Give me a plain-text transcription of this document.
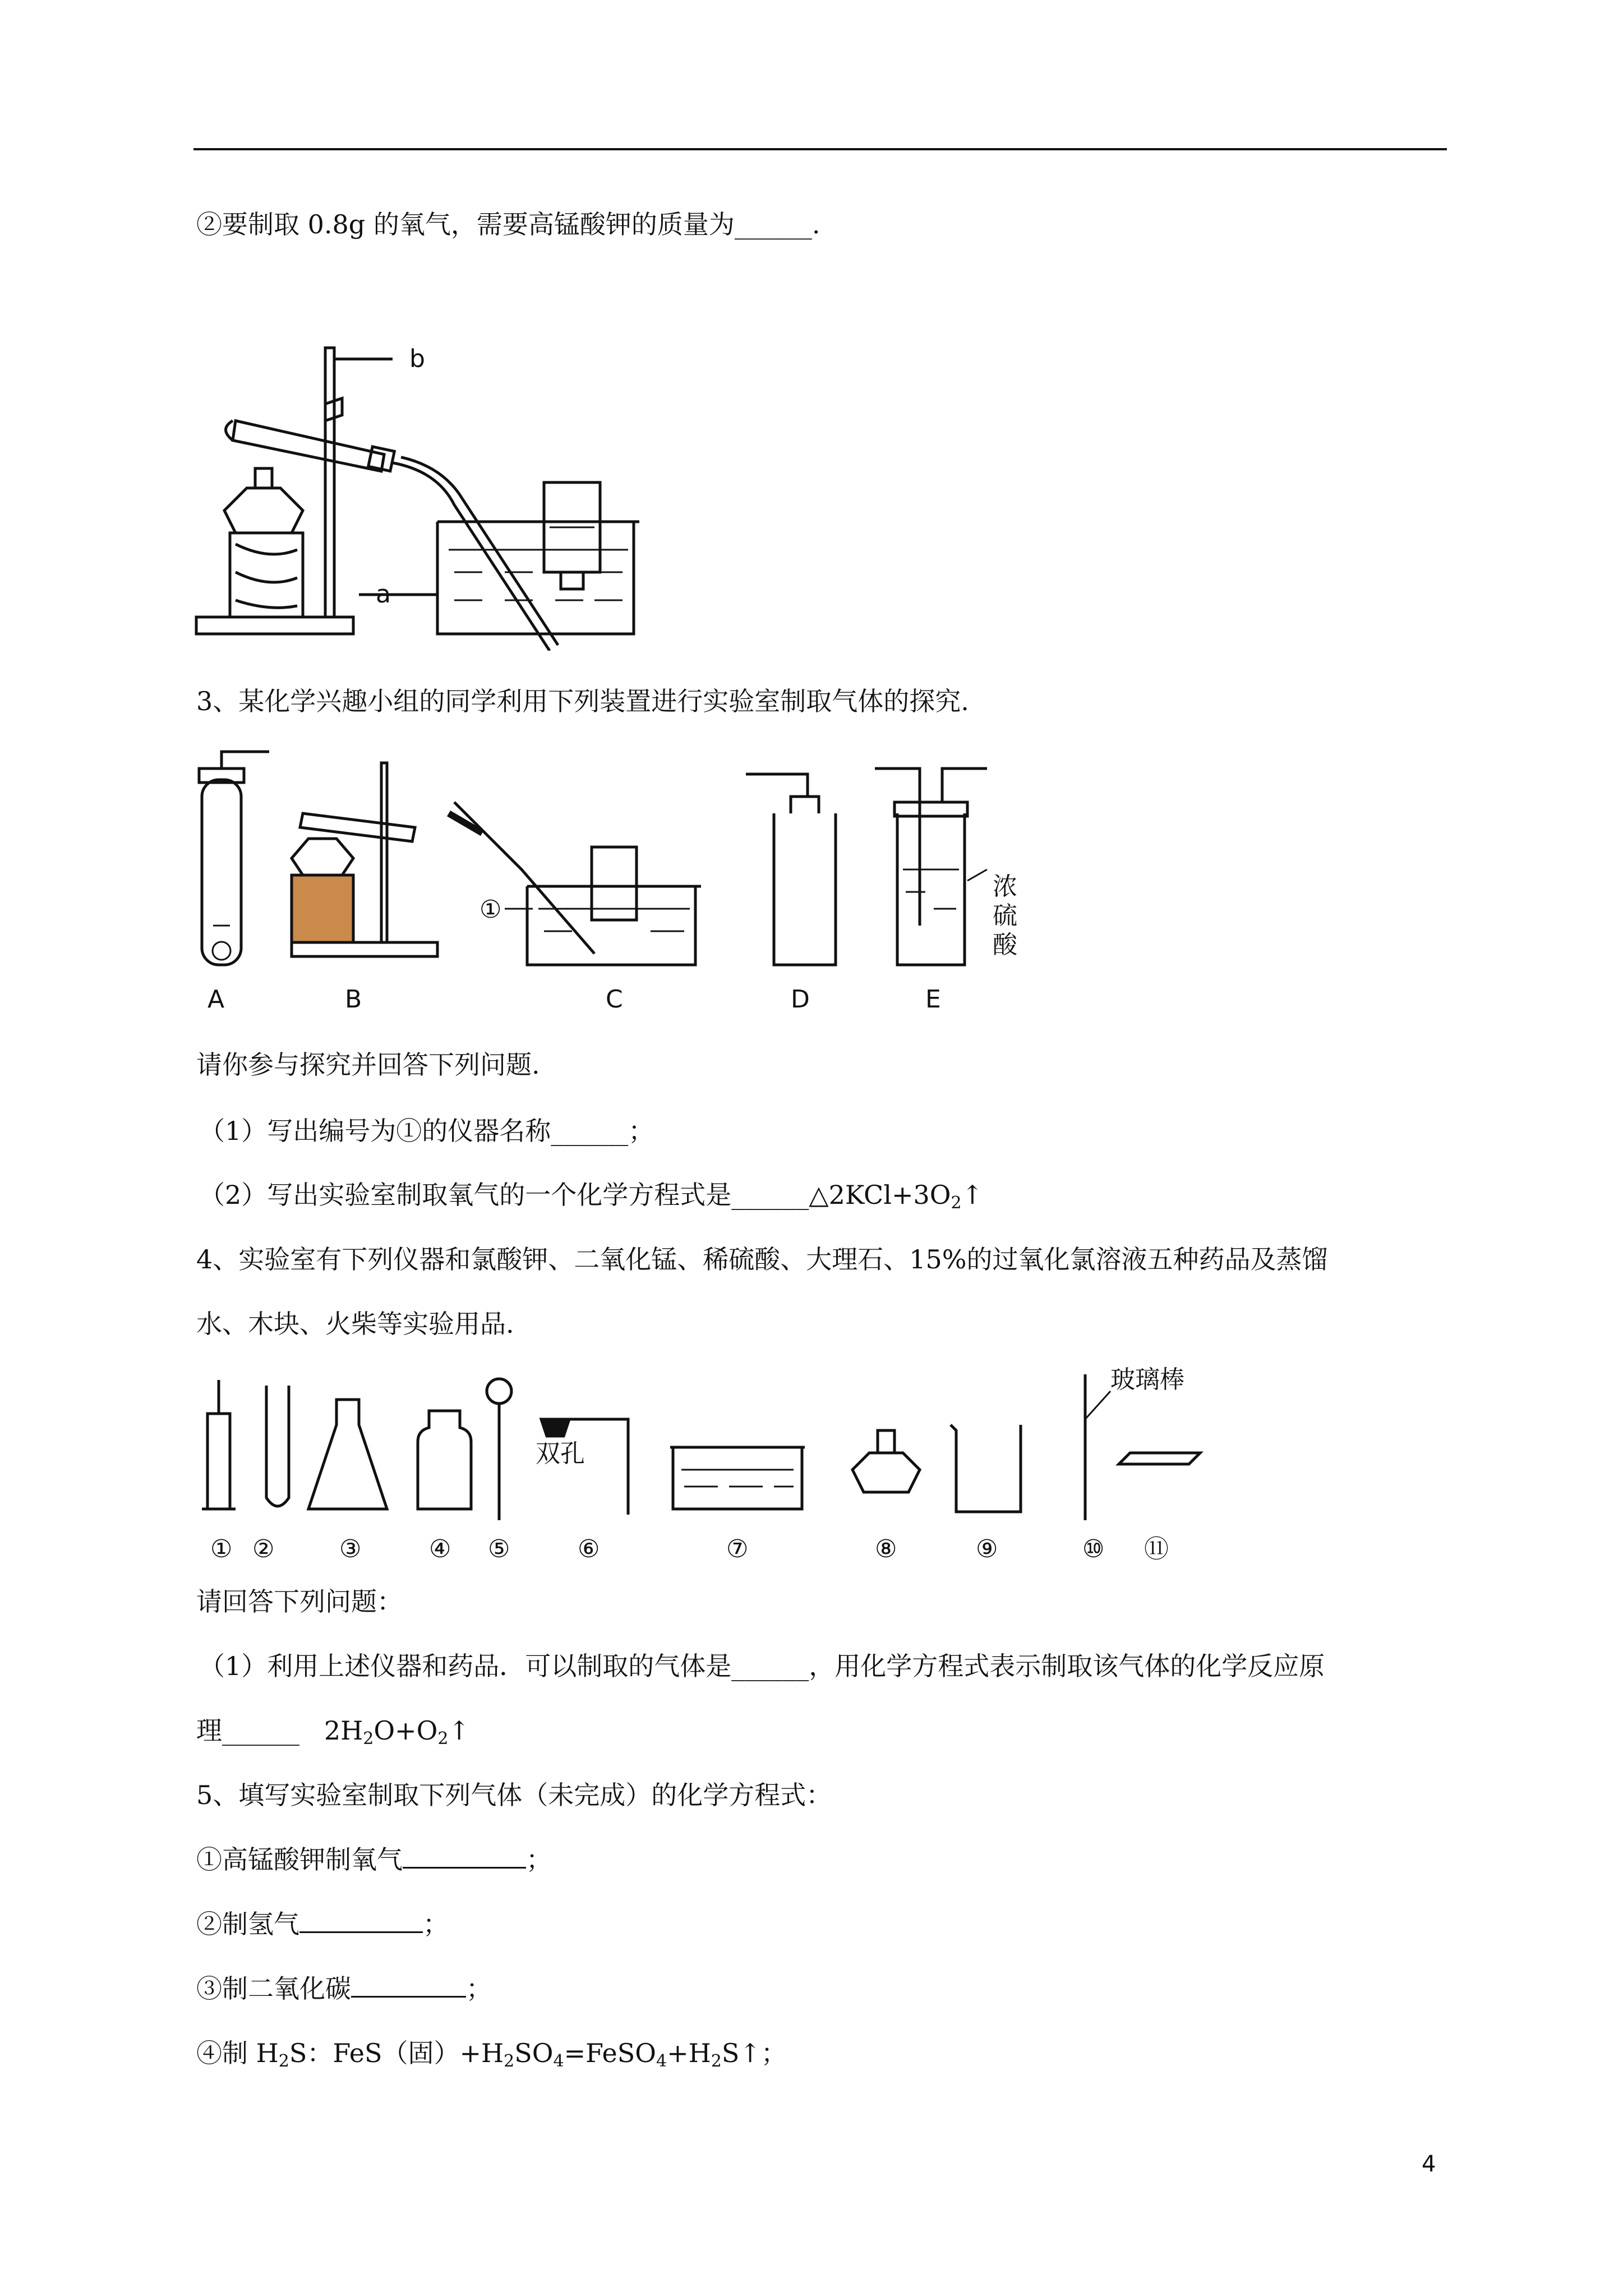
②要制取 0.8g 的氧气，需要高锰酸钾的质量为______.
b
a
3、某化学兴趣小组的同学利用下列装置进行实验室制取气体的探究.
A	B	C	D	E
①
浓
硫
酸
请你参与探究并回答下列问题.
（1）写出编号为①的仪器名称______；
（2）写出实验室制取氧气的一个化学方程式是$\_\_\_\_\_\_\triangle 2KCl+3O_2↑$
4、实验室有下列仪器和氯酸钾、二氧化锰、稀硫酸、大理石、15%的过氧化氯溶液五种药品及蒸馏
水、木块、火柴等实验用品.
① ②	③	④ ⑤	⑥	⑦	⑧	⑨	⑩ ⑪
双孔
玻璃棒
请回答下列问题：
（1）利用上述仪器和药品．可以制取的气体是______，用化学方程式表示制取该气体的化学反应原
理______   $2H_2O+O_2↑$
5、填写实验室制取下列气体（未完成）的化学方程式：
①高锰酸钾制氧气	；
②制氢气	；
③制二氧化碳	；
④制 $H_2S$：FeS（固）$+H_2SO_4=FeSO_4+H_2S↑$；
4
